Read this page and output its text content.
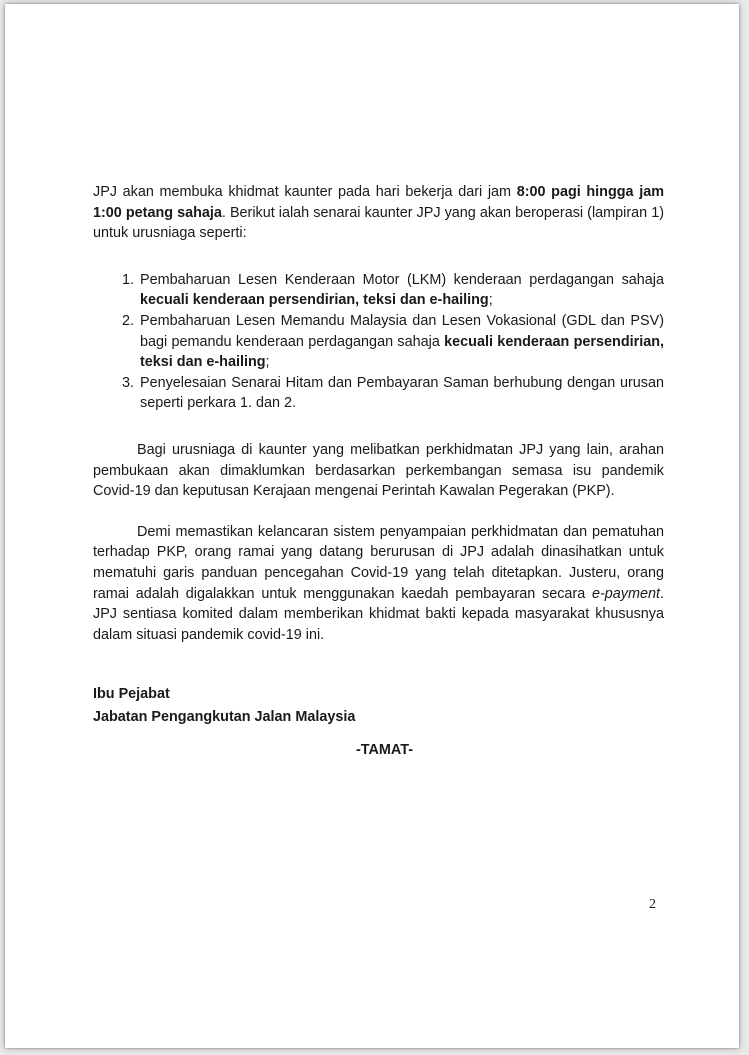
JPJ akan membuka khidmat kaunter pada hari bekerja dari jam 8:00 pagi hingga jam 1:00 petang sahaja. Berikut ialah senarai kaunter JPJ yang akan beroperasi (lampiran 1) untuk urusniaga seperti:

1. Pembaharuan Lesen Kenderaan Motor (LKM) kenderaan perdagangan sahaja kecuali kenderaan persendirian, teksi dan e-hailing;
2. Pembaharuan Lesen Memandu Malaysia dan Lesen Vokasional (GDL dan PSV) bagi pemandu kenderaan perdagangan sahaja kecuali kenderaan persendirian, teksi dan e-hailing;
3. Penyelesaian Senarai Hitam dan Pembayaran Saman berhubung dengan urusan seperti perkara 1. dan 2.

Bagi urusniaga di kaunter yang melibatkan perkhidmatan JPJ yang lain, arahan pembukaan akan dimaklumkan berdasarkan perkembangan semasa isu pandemik Covid-19 dan keputusan Kerajaan mengenai Perintah Kawalan Pegerakan (PKP).

Demi memastikan kelancaran sistem penyampaian perkhidmatan dan pematuhan terhadap PKP, orang ramai yang datang berurusan di JPJ adalah dinasihatkan untuk mematuhi garis panduan pencegahan Covid-19 yang telah ditetapkan. Justeru, orang ramai adalah digalakkan untuk menggunakan kaedah pembayaran secara e-payment. JPJ sentiasa komited dalam memberikan khidmat bakti kepada masyarakat khususnya dalam situasi pandemik covid-19 ini.

Ibu Pejabat
Jabatan Pengangkutan Jalan Malaysia
-TAMAT-
2
